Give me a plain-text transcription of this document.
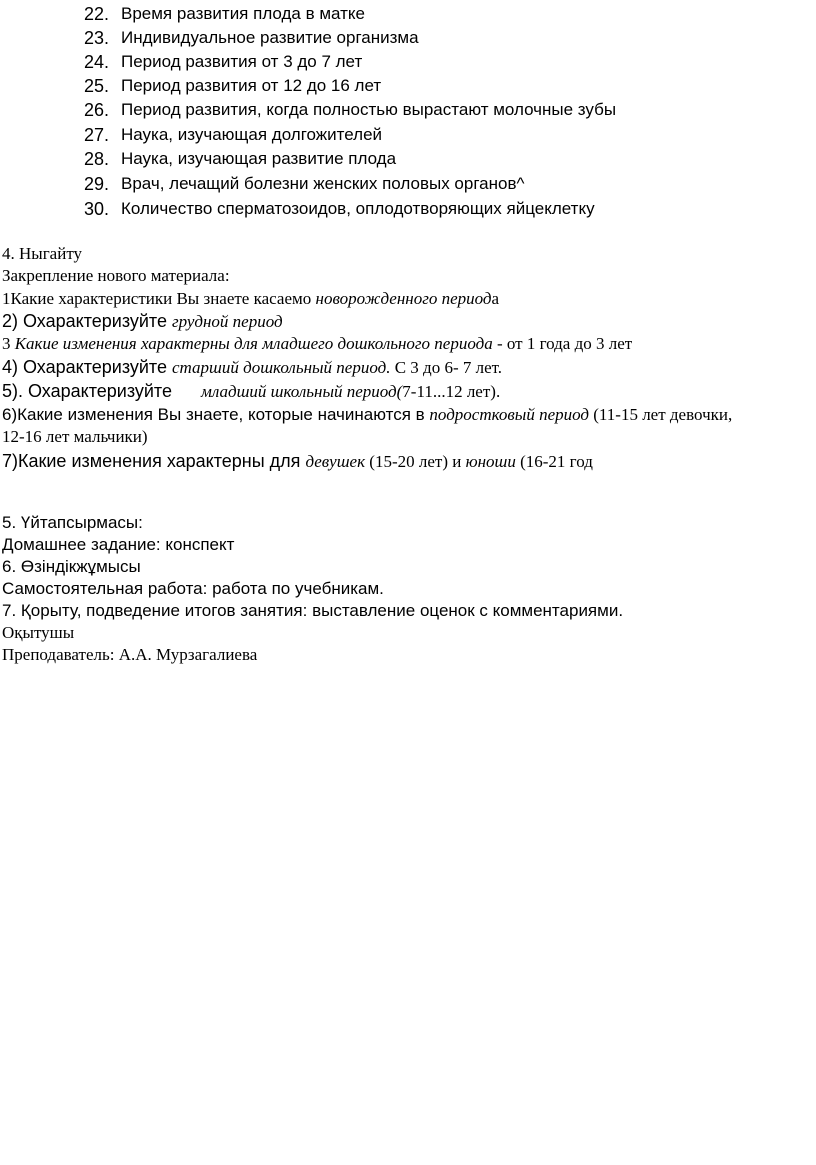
22. Время развития плода в матке
23. Индивидуальное развитие организма
24. Период развития от 3 до 7 лет
25. Период развития от 12 до 16 лет
26. Период развития, когда полностью вырастают молочные зубы
27. Наука, изучающая долгожителей
28. Наука, изучающая развитие плода
29. Врач, лечащий болезни женских половых органов^
30. Количество сперматозоидов, оплодотворяющих яйцеклетку
4. Ныгайту
Закрепление нового материала:
1Какие характеристики Вы знаете касаемо новорожденного периода
2) Охарактеризуйте грудной период
3 Какие изменения характерны для младшего дошкольного периода - от 1 года до 3 лет
4) Охарактеризуйте старший дошкольный период. С 3 до 6- 7 лет.
5). Охарактеризуйте младший школьный период(7-11...12 лет).
6)Какие изменения Вы знаете, которые начинаются в подростковый период (11-15 лет девочки,
12-16 лет мальчики)
7)Какие изменения характерны для девушек (15-20 лет) и юноши (16-21 год
5. Үйтапсырмасы:
Домашнее задание: конспект
6. Өзіндікжұмысы
Самостоятельная работа: работа по учебникам.
7. Қорыту, подведение итогов занятия: выставление оценок с комментариями.
Оқытушы
Преподаватель: А.А. Мурзагалиева
